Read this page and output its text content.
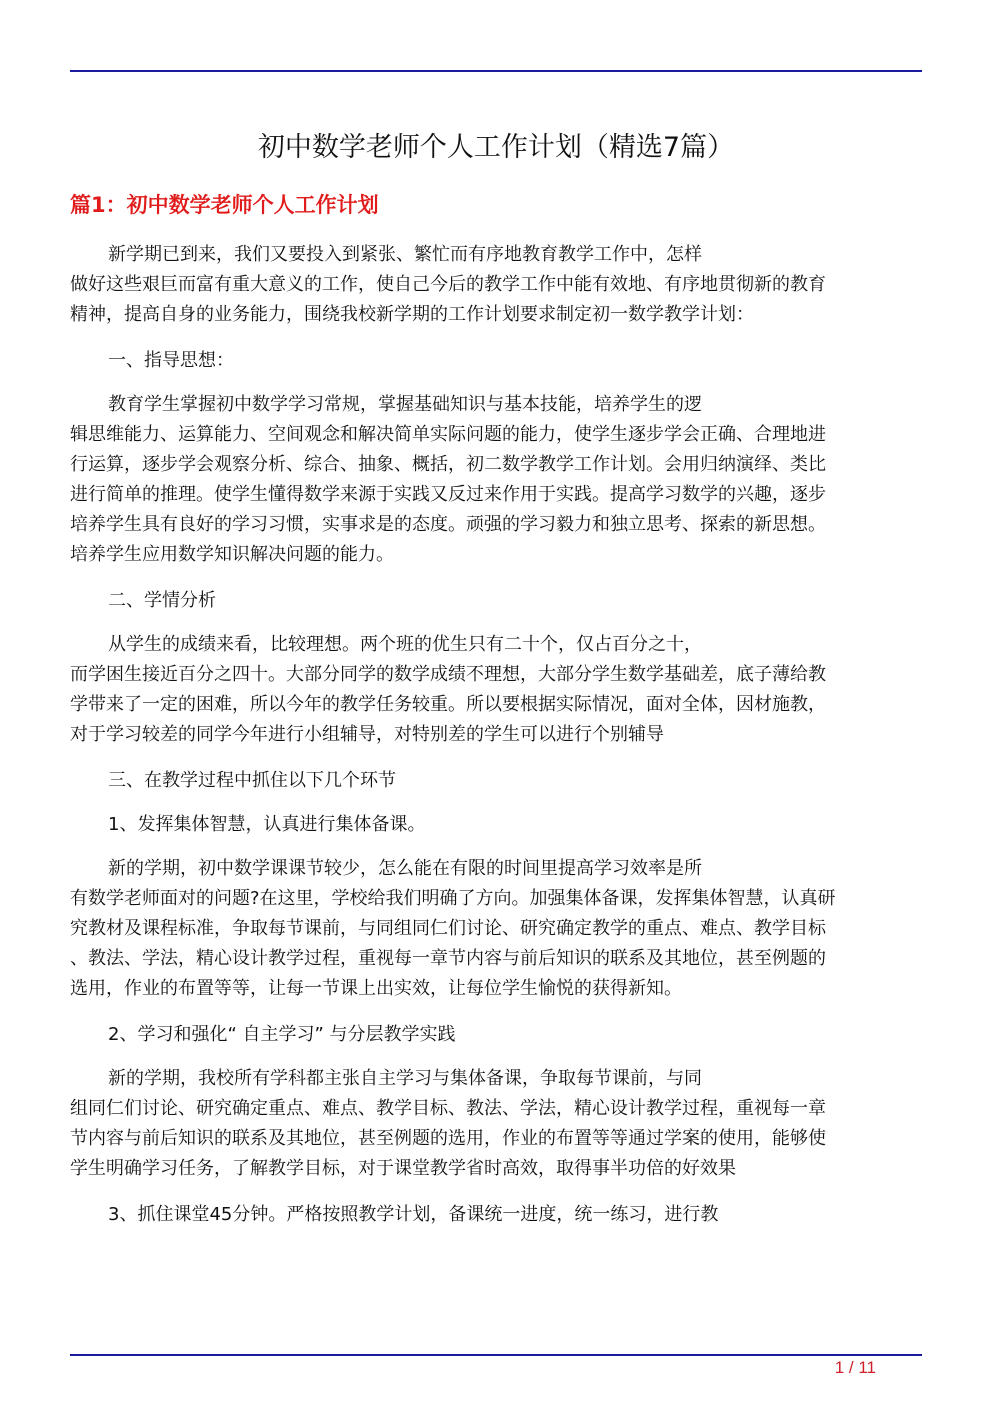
初中数学老师个人工作计划（精选7篇）
篇1：初中数学老师个人工作计划
新学期已到来，我们又要投入到紧张、繁忙而有序地教育教学工作中，怎样
做好这些艰巨而富有重大意义的工作，使自己今后的教学工作中能有效地、有序地贯彻新的教育
精神，提高自身的业务能力，围绕我校新学期的工作计划要求制定初一数学教学计划：
一、指导思想：
教育学生掌握初中数学学习常规，掌握基础知识与基本技能，培养学生的逻
辑思维能力、运算能力、空间观念和解决简单实际问题的能力，使学生逐步学会正确、合理地进
行运算，逐步学会观察分析、综合、抽象、概括，初二数学教学工作计划。会用归纳演绎、类比
进行简单的推理。使学生懂得数学来源于实践又反过来作用于实践。提高学习数学的兴趣，逐步
培养学生具有良好的学习习惯，实事求是的态度。顽强的学习毅力和独立思考、探索的新思想。
培养学生应用数学知识解决问题的能力。
二、学情分析
从学生的成绩来看，比较理想。两个班的优生只有二十个，仅占百分之十，
而学困生接近百分之四十。大部分同学的数学成绩不理想，大部分学生数学基础差，底子薄给教
学带来了一定的困难，所以今年的教学任务较重。所以要根据实际情况，面对全体，因材施教，
对于学习较差的同学今年进行小组辅导，对特别差的学生可以进行个别辅导
三、在教学过程中抓住以下几个环节
1、发挥集体智慧，认真进行集体备课。
新的学期，初中数学课课节较少，怎么能在有限的时间里提高学习效率是所
有数学老师面对的问题?在这里，学校给我们明确了方向。加强集体备课，发挥集体智慧，认真研
究教材及课程标准，争取每节课前，与同组同仁们讨论、研究确定教学的重点、难点、教学目标
、教法、学法，精心设计教学过程，重视每一章节内容与前后知识的联系及其地位，甚至例题的
选用，作业的布置等等，让每一节课上出实效，让每位学生愉悦的获得新知。
2、学习和强化“ 自主学习” 与分层教学实践
新的学期，我校所有学科都主张自主学习与集体备课，争取每节课前，与同
组同仁们讨论、研究确定重点、难点、教学目标、教法、学法，精心设计教学过程，重视每一章
节内容与前后知识的联系及其地位，甚至例题的选用，作业的布置等等通过学案的使用，能够使
学生明确学习任务，了解教学目标，对于课堂教学省时高效，取得事半功倍的好效果
3、抓住课堂45分钟。严格按照教学计划，备课统一进度，统一练习，进行教
1 / 11
